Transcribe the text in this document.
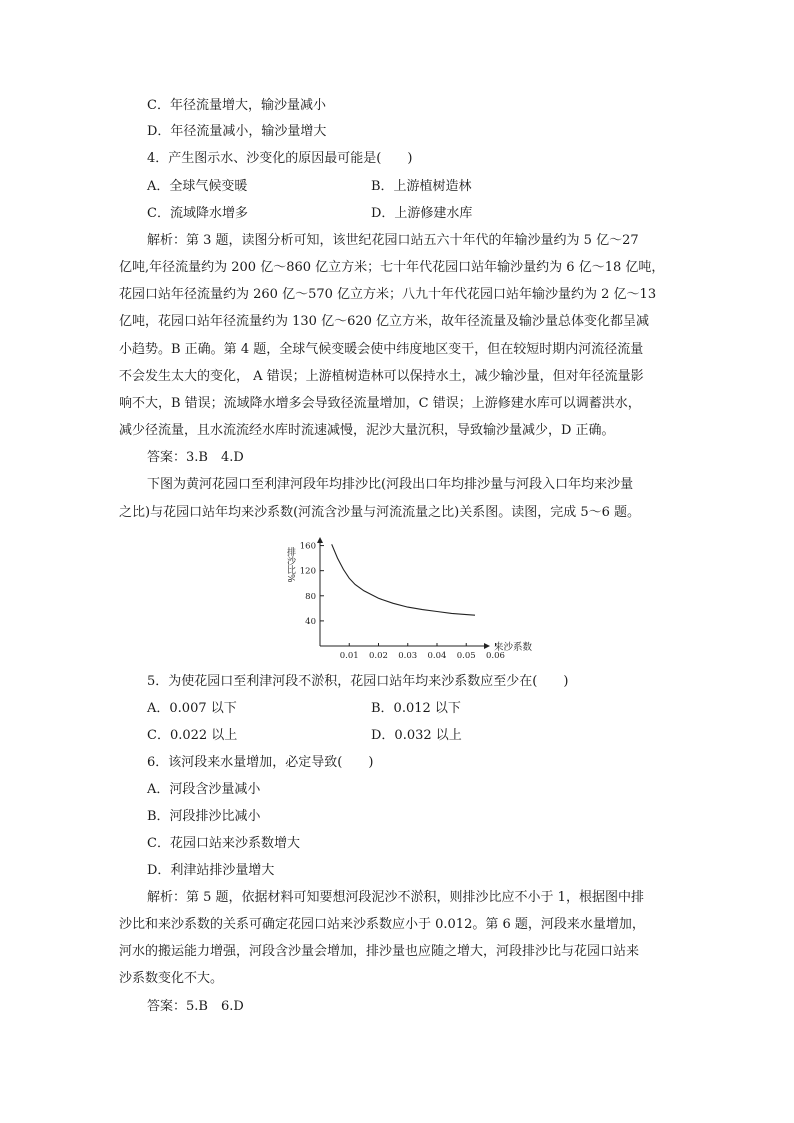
C．年径流量增大，输沙量减小
D．年径流量减小，输沙量增大
4．产生图示水、沙变化的原因最可能是(　　)
A．全球气候变暖	B．上游植树造林
C．流域降水增多	D．上游修建水库
解析：第 3 题，读图分析可知，该世纪花园口站五六十年代的年输沙量约为 5 亿～27
亿吨,年径流量约为 200 亿～860 亿立方米；七十年代花园口站年输沙量约为 6 亿～18 亿吨，
花园口站年径流量约为 260 亿～570 亿立方米；八九十年代花园口站年输沙量约为 2 亿～13
亿吨，花园口站年径流量约为 130 亿～620 亿立方米，故年径流量及输沙量总体变化都呈减
小趋势。B 正确。第 4 题，全球气候变暖会使中纬度地区变干，但在较短时期内河流径流量
不会发生太大的变化， A 错误；上游植树造林可以保持水土，减少输沙量，但对年径流量影
响不大，B 错误；流域降水增多会导致径流量增加，C 错误；上游修建水库可以调蓄洪水，
减少径流量，且水流流经水库时流速减慢，泥沙大量沉积，导致输沙量减少，D 正确。
答案：3.B　4.D
下图为黄河花园口至利津河段年均排沙比(河段出口年均排沙量与河段入口年均来沙量
之比)与花园口站年均来沙系数(河流含沙量与河流流量之比)关系图。读图，完成 5～6 题。
排沙比%
来沙系数
160
120
80
40
0.01 0.02 0.03 0.04 0.05 0.06
5．为使花园口至利津河段不淤积，花园口站年均来沙系数应至少在(　　)
A．0.007 以下	B．0.012 以下
C．0.022 以上	D．0.032 以上
6．该河段来水量增加，必定导致(　　)
A．河段含沙量减小
B．河段排沙比减小
C．花园口站来沙系数增大
D．利津站排沙量增大
解析：第 5 题，依据材料可知要想河段泥沙不淤积，则排沙比应不小于 1，根据图中排
沙比和来沙系数的关系可确定花园口站来沙系数应小于 0.012。第 6 题，河段来水量增加，
河水的搬运能力增强，河段含沙量会增加，排沙量也应随之增大，河段排沙比与花园口站来
沙系数变化不大。
答案：5.B　6.D
